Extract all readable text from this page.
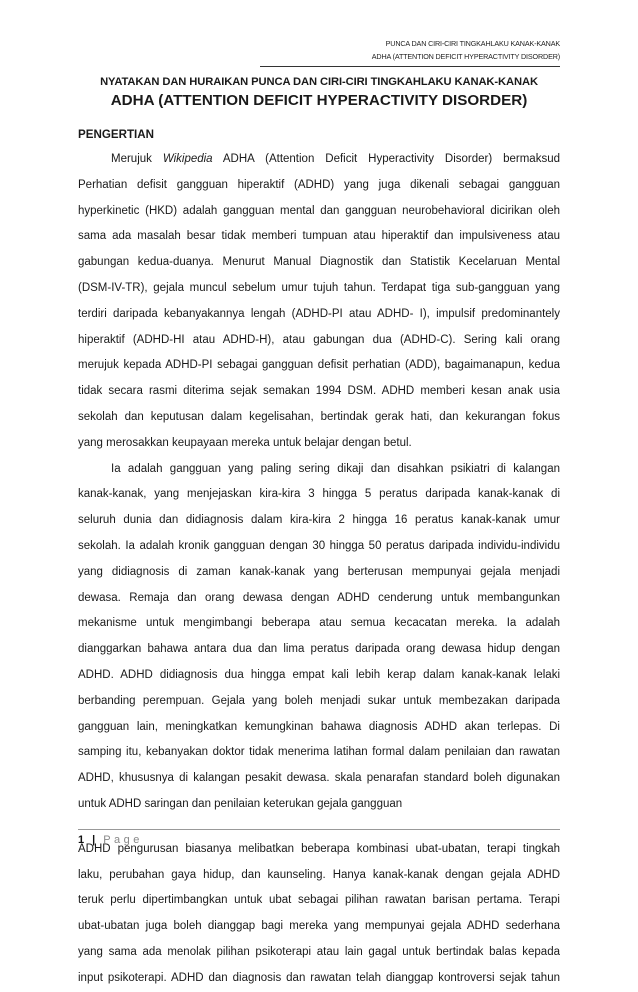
PUNCA DAN CIRI-CIRI TINGKAHLAKU KANAK-KANAK
ADHA (ATTENTION DEFICIT HYPERACTIVITY DISORDER)
NYATAKAN DAN HURAIKAN PUNCA DAN CIRI-CIRI TINGKAHLAKU KANAK-KANAK
ADHA (ATTENTION DEFICIT HYPERACTIVITY DISORDER)
PENGERTIAN
Merujuk Wikipedia ADHA (Attention Deficit Hyperactivity Disorder) bermaksud
Perhatian defisit gangguan hiperaktif (ADHD) yang juga dikenali sebagai gangguan
hyperkinetic (HKD) adalah gangguan mental dan gangguan neurobehavioral dicirikan oleh
sama ada masalah besar tidak memberi tumpuan atau hiperaktif dan impulsiveness atau
gabungan kedua-duanya. Menurut Manual Diagnostik dan Statistik Kecelaruan Mental
(DSM-IV-TR), gejala muncul sebelum umur tujuh tahun. Terdapat tiga sub-gangguan yang
terdiri daripada kebanyakannya lengah (ADHD-PI atau ADHD- I), impulsif predominantely
hiperaktif (ADHD-HI atau ADHD-H), atau gabungan dua (ADHD-C). Sering kali orang
merujuk kepada ADHD-PI sebagai gangguan defisit perhatian (ADD), bagaimanapun, kedua
tidak secara rasmi diterima sejak semakan 1994 DSM. ADHD memberi kesan anak usia
sekolah dan keputusan dalam kegelisahan, bertindak gerak hati, dan kekurangan fokus
yang merosakkan keupayaan mereka untuk belajar dengan betul.
Ia adalah gangguan yang paling sering dikaji dan disahkan psikiatri di kalangan
kanak-kanak, yang menjejaskan kira-kira 3 hingga 5 peratus daripada kanak-kanak di
seluruh dunia dan didiagnosis dalam kira-kira 2 hingga 16 peratus kanak-kanak umur
sekolah. Ia adalah kronik gangguan dengan 30 hingga 50 peratus daripada individu-individu
yang didiagnosis di zaman kanak-kanak yang berterusan mempunyai gejala menjadi
dewasa. Remaja dan orang dewasa dengan ADHD cenderung untuk membangunkan
mekanisme untuk mengimbangi beberapa atau semua kecacatan mereka. Ia adalah
dianggarkan bahawa antara dua dan lima peratus daripada orang dewasa hidup dengan
ADHD. ADHD didiagnosis dua hingga empat kali lebih kerap dalam kanak-kanak lelaki
berbanding perempuan. Gejala yang boleh menjadi sukar untuk membezakan daripada
gangguan lain, meningkatkan kemungkinan bahawa diagnosis ADHD akan terlepas. Di
samping itu, kebanyakan doktor tidak menerima latihan formal dalam penilaian dan rawatan
ADHD, khususnya di kalangan pesakit dewasa. skala penarafan standard boleh digunakan
untuk ADHD saringan dan penilaian keterukan gejala gangguan
ADHD pengurusan biasanya melibatkan beberapa kombinasi ubat-ubatan, terapi tingkah
laku, perubahan gaya hidup, dan kaunseling. Hanya kanak-kanak dengan gejala ADHD
teruk perlu dipertimbangkan untuk ubat sebagai pilihan rawatan barisan pertama. Terapi
ubat-ubatan juga boleh dianggap bagi mereka yang mempunyai gejala ADHD sederhana
yang sama ada menolak pilihan psikoterapi atau lain gagal untuk bertindak balas kepada
input psikoterapi. ADHD dan diagnosis dan rawatan telah dianggap kontroversi sejak tahun
1 | Page
